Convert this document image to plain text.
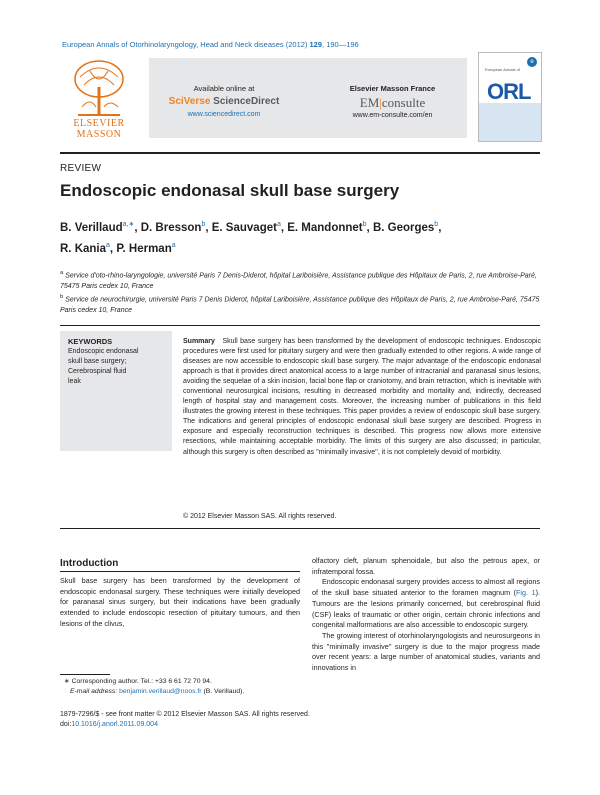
European Annals of Otorhinolaryngology, Head and Neck diseases (2012) 129, 190—196
ELSEVIER
MASSON
Available online at
SciVerse ScienceDirect
www.sciencedirect.com
Elsevier Masson France
EM|consulte
www.em-consulte.com/en
e
European Annals of
ORL
REVIEW
Endoscopic endonasal skull base surgery
B. Verillaud$^{a,∗}$, D. Bresson$^b$, E. Sauvaget$^a$, E. Mandonnet$^b$, B. Georges$^b$,
R. Kania$^a$, P. Herman$^a$
$^a$ Service d'oto-rhino-laryngologie, université Paris 7 Denis-Diderot, hôpital Lariboisière, Assistance publique des Hôpitaux de Paris, 2, rue Ambroise-Paré, 75475 Paris cedex 10, France
$^b$ Service de neurochirurgie, université Paris 7 Denis Diderot, hôpital Lariboisière, Assistance publique des Hôpitaux de Paris, 2, rue Ambroise-Paré, 75475 Paris cedex 10, France
KEYWORDS
Endoscopic endonasal
skull base surgery;
Cerebrospinal fluid
leak
Summary Skull base surgery has been transformed by the development of endoscopic techniques. Endoscopic procedures were first used for pituitary surgery and were then gradually extended to other regions. A wide range of diseases are now accessible to endoscopic skull base surgery. The major advantage of the endoscopic endonasal approach is that it provides direct anatomical access to a large number of intracranial and paranasal sinus lesions, avoiding the sequelae of a skin incision, facial bone flap or craniotomy, and brain retraction, which is inevitable with conventional neurosurgical incisions, resulting in decreased morbidity and mortality and, indirectly, decreased length of hospital stay and management costs. Moreover, the increasing number of publications in this field illustrates the growing interest in these techniques. This paper provides a review of endoscopic skull base surgery. The indications and general principles of endoscopic endonasal skull base surgery are described. Progress in exposure and especially reconstruction techniques is described. This progress now allows more extensive resections, while maintaining acceptable morbidity. The limits of this surgery are also discussed; in particular, although this surgery is often described as ''minimally invasive'', it is not completely devoid of morbidity.
© 2012 Elsevier Masson SAS. All rights reserved.
Introduction
Skull base surgery has been transformed by the development of endoscopic endonasal surgery. These techniques were initially developed for paranasal sinus surgery, but their indications have been gradually extended to include endoscopic resection of pituitary tumours, and then lesions of the clivus,
olfactory cleft, planum sphenoidale, but also the petrous apex, or infratemporal fossa.
Endoscopic endonasal surgery provides access to almost all regions of the skull base situated anterior to the foramen magnum (Fig. 1). Tumours are the lesions primarily concerned, but cerebrospinal fluid (CSF) leaks of traumatic or other origin, certain chronic infections and congenital malformations are also accessible to endoscopic surgery.
The growing interest of otorhinolaryngologists and neurosurgeons in this ''minimally invasive'' surgery is due to the major progress made over recent years: a large number of anatomical studies, variants and innovations in
∗ Corresponding author. Tel.: +33 6 61 72 70 94.
E-mail address: benjamin.verillaud@noos.fr (B. Verillaud).
1879-7296/$ - see front matter © 2012 Elsevier Masson SAS. All rights reserved.
doi:10.1016/j.anorl.2011.09.004
